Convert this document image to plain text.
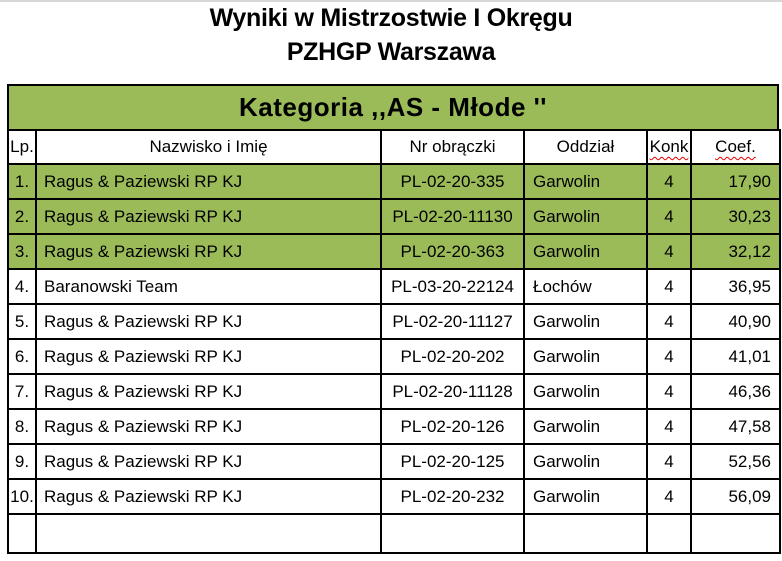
Wyniki w Mistrzostwie I Okręgu
PZHGP Warszawa
Kategoria ,,AS - Młode ''
Lp.	Nazwisko i Imię	Nr obrączki	Oddział	Konk	Coef.
1.	Ragus & Paziewski RP KJ	PL-02-20-335	Garwolin	4	17,90
2.	Ragus & Paziewski RP KJ	PL-02-20-11130	Garwolin	4	30,23
3.	Ragus & Paziewski RP KJ	PL-02-20-363	Garwolin	4	32,12
4.	Baranowski Team	PL-03-20-22124	Łochów	4	36,95
5.	Ragus & Paziewski RP KJ	PL-02-20-11127	Garwolin	4	40,90
6.	Ragus & Paziewski RP KJ	PL-02-20-202	Garwolin	4	41,01
7.	Ragus & Paziewski RP KJ	PL-02-20-11128	Garwolin	4	46,36
8.	Ragus & Paziewski RP KJ	PL-02-20-126	Garwolin	4	47,58
9.	Ragus & Paziewski RP KJ	PL-02-20-125	Garwolin	4	52,56
10.	Ragus & Paziewski RP KJ	PL-02-20-232	Garwolin	4	56,09
